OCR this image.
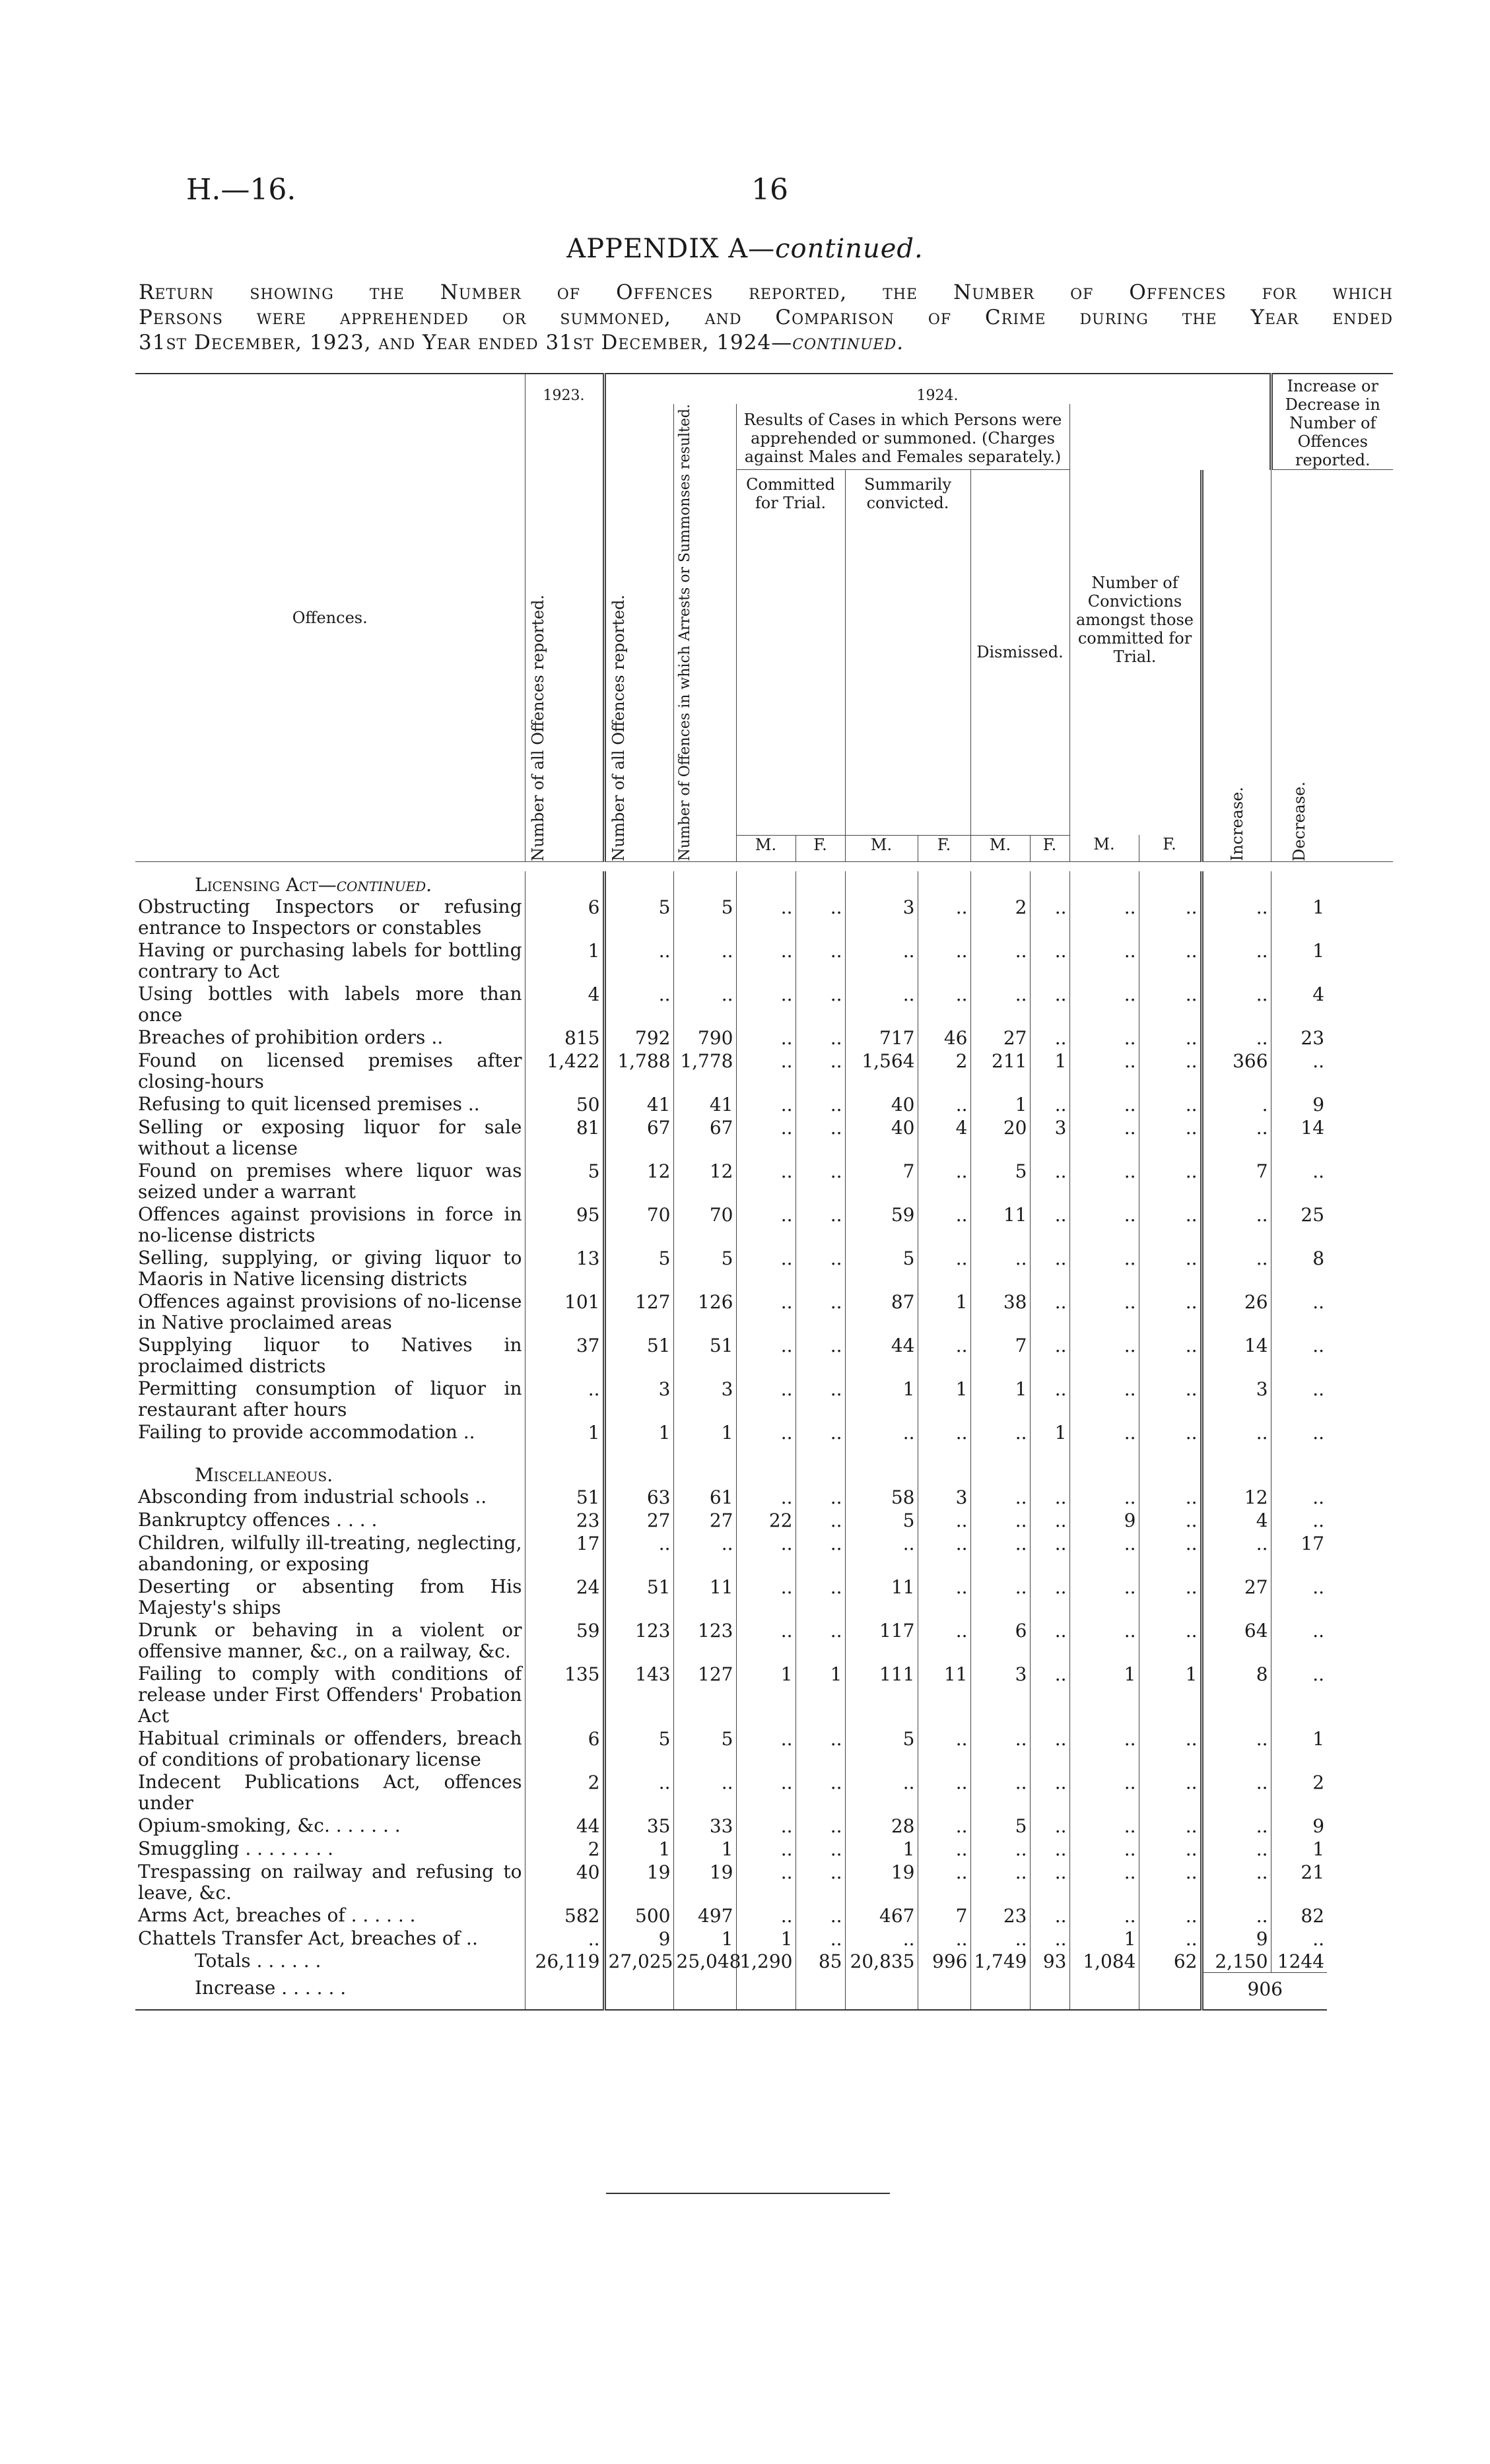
H.—16.	16
APPENDIX A—continued.
Return showing the Number of Offences reported, the Number of Offences for which
Persons were apprehended or summoned, and Comparison of Crime during the Year ended
31st December, 1923, and Year ended 31st December, 1924—continued.
Offences.	1923.	1924.											Increase or Decrease in Number of Offences reported.

	Number of all Offences reported.	Number of all Offences reported.	Number of Offences in which Arrests or Summonses resulted.	Results of Cases in which Persons were apprehended or summoned. (Charges against Males and Females separately.)						Number of Convictions amongst those committed for Trial.			
				Committed for Trial.		Summarily convicted.		Dismissed.				Increase.	Decrease.

				M.	F.	M.	F.	M.	F.	M.	F.		

Licensing Act—continued.													
Obstructing Inspectors or refusing entrance to Inspectors or constables	6	5	5	..	..	3	..	2	..	..	..	..	1
Having or purchasing labels for bottling contrary to Act	1	..	..	..	..	..	..	..	..	..	..	..	1
Using bottles with labels more than once	4	..	..	..	..	..	..	..	..	..	..	..	4
Breaches of prohibition orders ..	815	792	790	..	..	717	46	27	..	..	..	..	23
Found on licensed premises after closing-hours	1,422	1,788	1,778	..	..	1,564	2	211	1	..	..	366	..
Refusing to quit licensed premises ..	50	41	41	..	..	40	..	1	..	..	..	.	9
Selling or exposing liquor for sale without a license	81	67	67	..	..	40	4	20	3	..	..	..	14
Found on premises where liquor was seized under a warrant	5	12	12	..	..	7	..	5	..	..	..	7	..
Offences against provisions in force in no-license districts	95	70	70	..	..	59	..	11	..	..	..	..	25
Selling, supplying, or giving liquor to Maoris in Native licensing districts	13	5	5	..	..	5	..	..	..	..	..	..	8
Offences against provisions of no-license in Native proclaimed areas	101	127	126	..	..	87	1	38	..	..	..	26	..
Supplying liquor to Natives in proclaimed districts	37	51	51	..	..	44	..	7	..	..	..	14	..
Permitting consumption of liquor in restaurant after hours	..	3	3	..	..	1	1	1	..	..	..	3	..
Failing to provide accommodation ..	1	1	1	..	..	..	..	..	1	..	..	..	..
Miscellaneous.													
Absconding from industrial schools ..	51	63	61	..	..	58	3	..	..	..	..	12	..
Bankruptcy offences . . . .	23	27	27	22	..	5	..	..	..	9	..	4	..
Children, wilfully ill-treating, neglecting, abandoning, or exposing	17	..	..	..	..	..	..	..	..	..	..	..	17
Deserting or absenting from His Majesty's ships	24	51	11	..	..	11	..	..	..	..	..	27	..
Drunk or behaving in a violent or offensive manner, &c., on a railway, &c.	59	123	123	..	..	117	..	6	..	..	..	64	..
Failing to comply with conditions of release under First Offenders' Probation Act	135	143	127	1	1	111	11	3	..	1	1	8	..
Habitual criminals or offenders, breach of conditions of probationary license	6	5	5	..	..	5	..	..	..	..	..	..	1
Indecent Publications Act, offences under	2	..	..	..	..	..	..	..	..	..	..	..	2
Opium-smoking, &c. . . . . . .	44	35	33	..	..	28	..	5	..	..	..	..	9
Smuggling . . . . . . . .	2	1	1	..	..	1	..	..	..	..	..	..	1
Trespassing on railway and refusing to leave, &c.	40	19	19	..	..	19	..	..	..	..	..	..	21
Arms Act, breaches of . . . . . .	582	500	497	..	..	467	7	23	..	..	..	..	82
Chattels Transfer Act, breaches of ..	..	9	1	1	..	..	..	..	..	1	..	9	..
Totals . . . . . .	26,119	27,025	25,048	1,290	85	20,835	996	1,749	93	1,084	62	2,150	1244
Increase . . . . . .												906	
